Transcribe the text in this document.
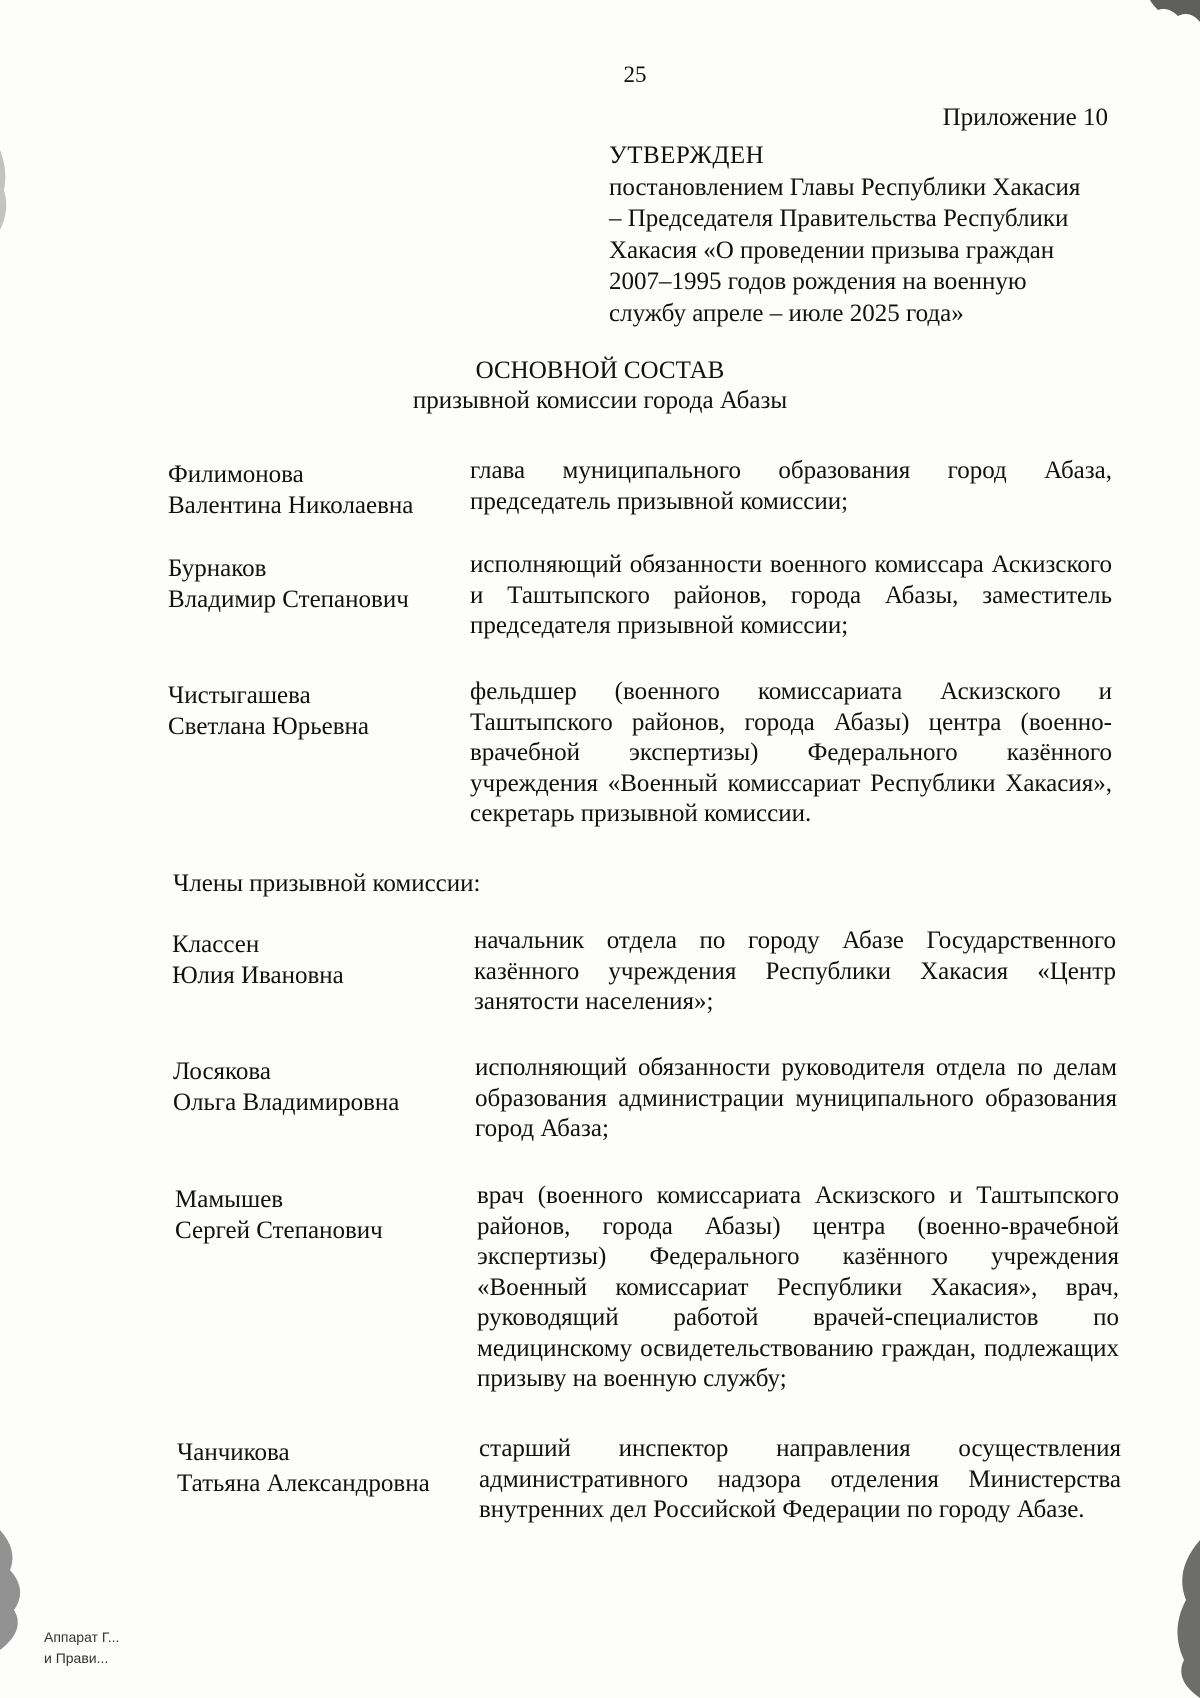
25
Приложение 10
УТВЕРЖДЕН
постановлением Главы Республики Хакасия
– Председателя Правительства Республики
Хакасия «О проведении призыва граждан
2007–1995 годов рождения на военную
службу апреле – июле 2025 года»
ОСНОВНОЙ СОСТАВ
призывной комиссии города Абазы
Филимонова
Валентина Николаевна
глава муниципального образования город Абаза, председатель призывной комиссии;
Бурнаков
Владимир Степанович
исполняющий обязанности военного комиссара Аскизского и Таштыпского районов, города Абазы, заместитель председателя призывной комиссии;
Чистыгашева
Светлана Юрьевна
фельдшер (военного комиссариата Аскизского и Таштыпского районов, города Абазы) центра (военно-врачебной экспертизы) Федерального казённого учреждения «Военный комиссариат Республики Хакасия», секретарь призывной комиссии.
Члены призывной комиссии:
Классен
Юлия Ивановна
начальник отдела по городу Абазе Государственного казённого учреждения Республики Хакасия «Центр занятости населения»;
Лосякова
Ольга Владимировна
исполняющий обязанности руководителя отдела по делам образования администрации муниципального образования город Абаза;
Мамышев
Сергей Степанович
врач (военного комиссариата Аскизского и Таштыпского районов, города Абазы) центра (военно-врачебной экспертизы) Федерального казённого учреждения «Военный комиссариат Республики Хакасия», врач, руководящий работой врачей-специалистов по медицинскому освидетельствованию граждан, подлежащих призыву на военную службу;
Чанчикова
Татьяна Александровна
старший инспектор направления осуществления административного надзора отделения Министерства внутренних дел Российской Федерации по городу Абазе.
Аппарат Г...
и Прави...
